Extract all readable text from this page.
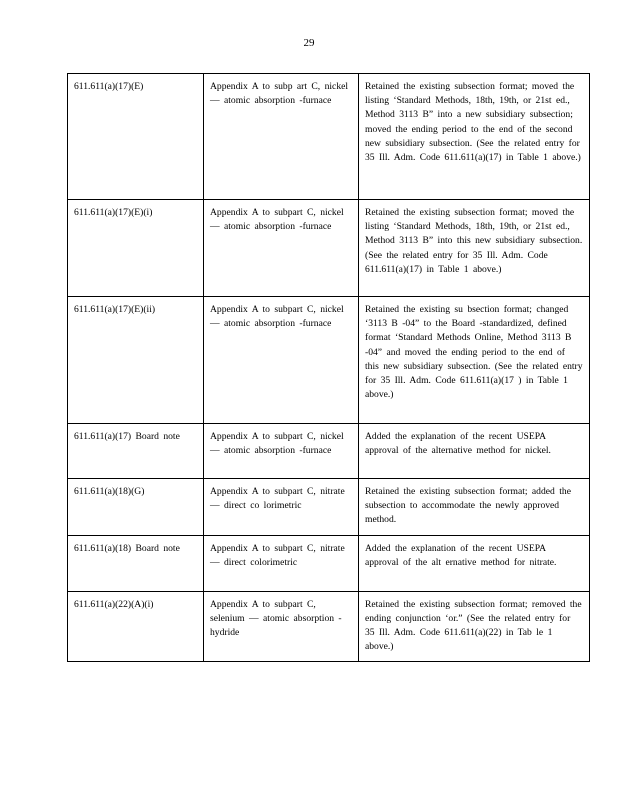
29
611.611(a)(17)(E)	Appendix A to subp art C, nickel — atomic absorption -furnace	Retained the existing subsection format; moved the listing ‘Standard Methods, 18th, 19th, or 21st ed., Method 3113 B” into a new subsidiary subsection; moved the ending period to the end of the second new subsidiary subsection. (See the related entry for 35 Ill. Adm. Code 611.611(a)(17) in Table 1 above.)
611.611(a)(17)(E)(i)	Appendix A to subpart C, nickel — atomic absorption -furnace	Retained the existing subsection format; moved the listing ‘Standard Methods, 18th, 19th, or 21st ed., Method 3113 B” into this new subsidiary subsection. (See the related entry for 35 Ill. Adm. Code 611.611(a)(17) in Table 1 above.)
611.611(a)(17)(E)(ii)	Appendix A to subpart C, nickel — atomic absorption -furnace	Retained the existing su bsection format; changed ‘3113 B -04” to the Board -standardized, defined format ‘Standard Methods Online, Method 3113 B -04” and moved the ending period to the end of this new subsidiary subsection. (See the related entry for 35 Ill. Adm. Code 611.611(a)(17 ) in Table 1 above.)
611.611(a)(17) Board note	Appendix A to subpart C, nickel — atomic absorption -furnace	Added the explanation of the recent USEPA approval of the alternative method for nickel.
611.611(a)(18)(G)	Appendix A to subpart C, nitrate — direct co lorimetric	Retained the existing subsection format; added the subsection to accommodate the newly approved method.
611.611(a)(18) Board note	Appendix A to subpart C, nitrate — direct colorimetric	Added the explanation of the recent USEPA approval of the alt ernative method for nitrate.
611.611(a)(22)(A)(i)	Appendix A to subpart C, selenium — atomic absorption -hydride	Retained the existing subsection format; removed the ending conjunction ‘or.” (See the related entry for 35 Ill. Adm. Code 611.611(a)(22) in Tab le 1 above.)
